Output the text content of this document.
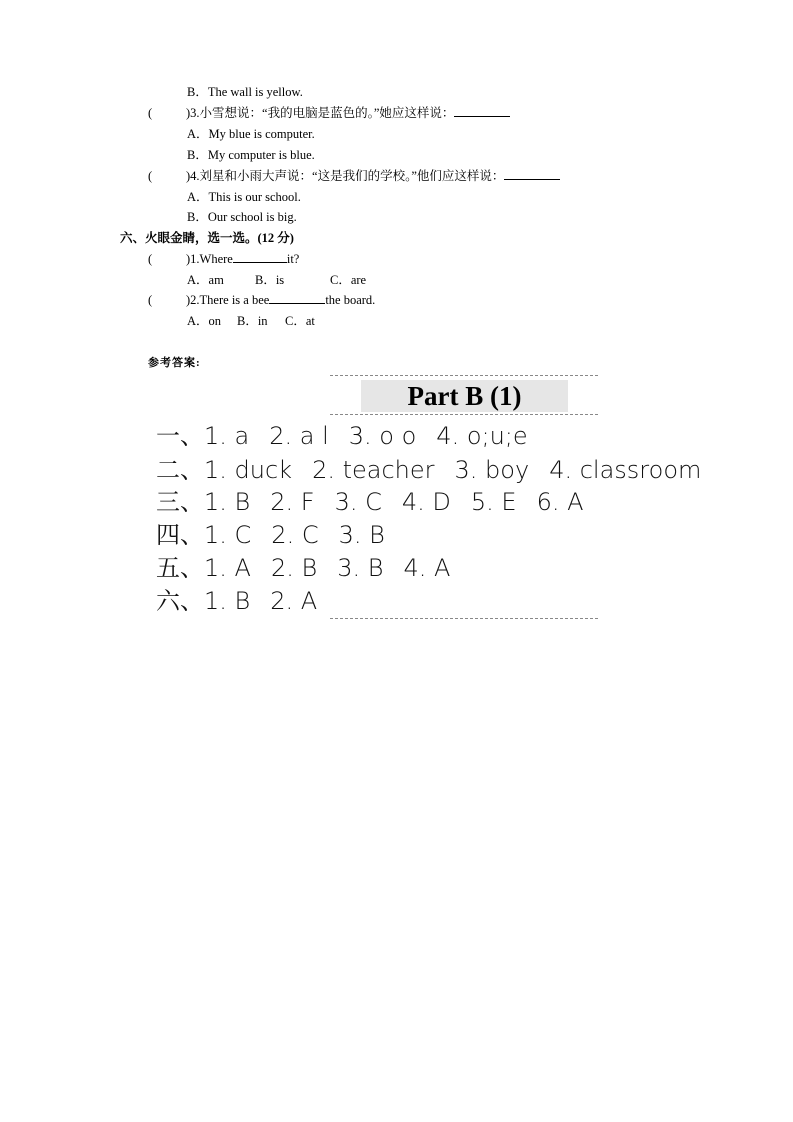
B．The wall is yellow.
(	)3.小雪想说：“我的电脑是蓝色的。”她应这样说：
A．My blue is computer.
B．My computer is blue.
(	)4.刘星和小雨大声说：“这是我们的学校。”他们应这样说：
A．This is our school.
B．Our school is big.
六、火眼金睛，选一选。(12 分)
(	)1.Where	it?
A．am B．is	C．are
(	)2.There is a bee	the board.
A．on B．in C．at
参考答案:
Part B (1)
一、1. a 2. a l 3. o o 4. o;u;e
二、1. duck 2. teacher 3. boy 4. classroom
三、1. B 2. F 3. C 4. D 5. E 6. A
四、1. C 2. C 3. B
五、1. A 2. B 3. B 4. A
六、1. B 2. A
